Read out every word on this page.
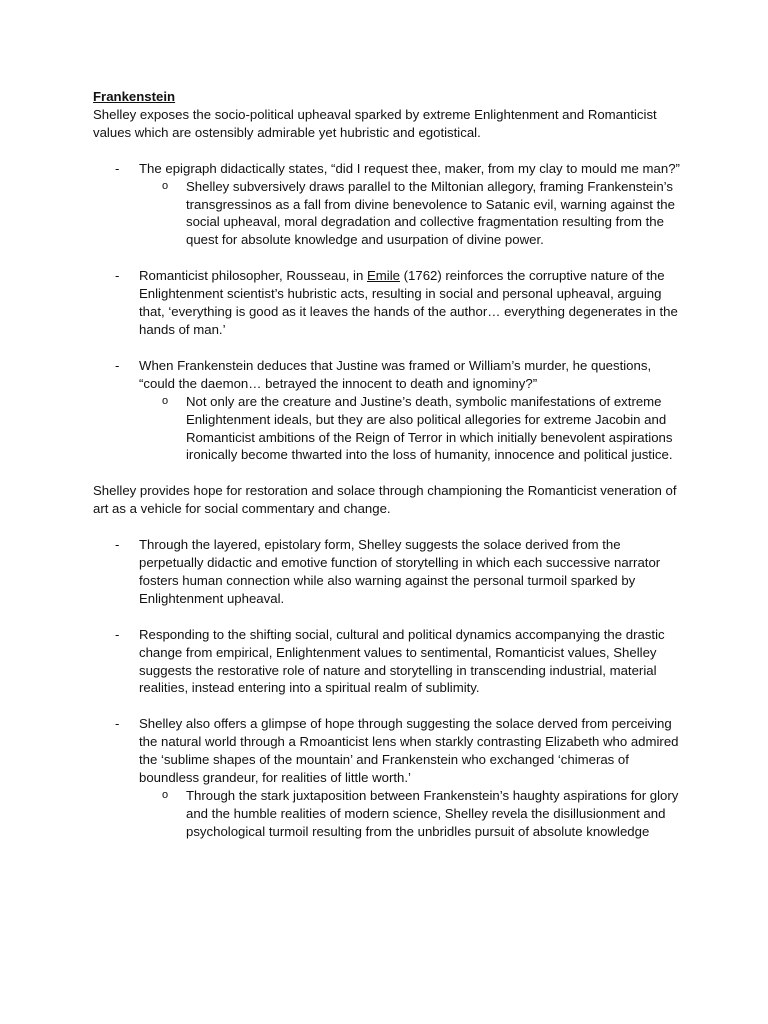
Frankenstein

Shelley exposes the socio-political upheaval sparked by extreme Enlightenment and Romanticist values which are ostensibly admirable yet hubristic and egotistical.

- The epigraph didactically states, “did I request thee, maker, from my clay to mould me man?”
o Shelley subversively draws parallel to the Miltonian allegory, framing Frankenstein’s transgressinos as a fall from divine benevolence to Satanic evil, warning against the social upheaval, moral degradation and collective fragmentation resulting from the quest for absolute knowledge and usurpation of divine power.
- Romanticist philosopher, Rousseau, in Emile (1762) reinforces the corruptive nature of the Enlightenment scientist’s hubristic acts, resulting in social and personal upheaval, arguing that, ‘everything is good as it leaves the hands of the author… everything degenerates in the hands of man.’
- When Frankenstein deduces that Justine was framed or William’s murder, he questions, “could the daemon… betrayed the innocent to death and ignominy?”
o Not only are the creature and Justine’s death, symbolic manifestations of extreme Enlightenment ideals, but they are also political allegories for extreme Jacobin and Romanticist ambitions of the Reign of Terror in which initially benevolent aspirations ironically become thwarted into the loss of humanity, innocence and political justice.

Shelley provides hope for restoration and solace through championing the Romanticist veneration of art as a vehicle for social commentary and change.

- Through the layered, epistolary form, Shelley suggests the solace derived from the perpetually didactic and emotive function of storytelling in which each successive narrator fosters human connection while also warning against the personal turmoil sparked by Enlightenment upheaval.
- Responding to the shifting social, cultural and political dynamics accompanying the drastic change from empirical, Enlightenment values to sentimental, Romanticist values, Shelley suggests the restorative role of nature and storytelling in transcending industrial, material realities, instead entering into a spiritual realm of sublimity.
- Shelley also offers a glimpse of hope through suggesting the solace derved from perceiving the natural world through a Rmoanticist lens when starkly contrasting Elizabeth who admired the ‘sublime shapes of the mountain’ and Frankenstein who exchanged ‘chimeras of boundless grandeur, for realities of little worth.’
o Through the stark juxtaposition between Frankenstein’s haughty aspirations for glory and the humble realities of modern science, Shelley revela the disillusionment and psychological turmoil resulting from the unbridles pursuit of absolute knowledge
